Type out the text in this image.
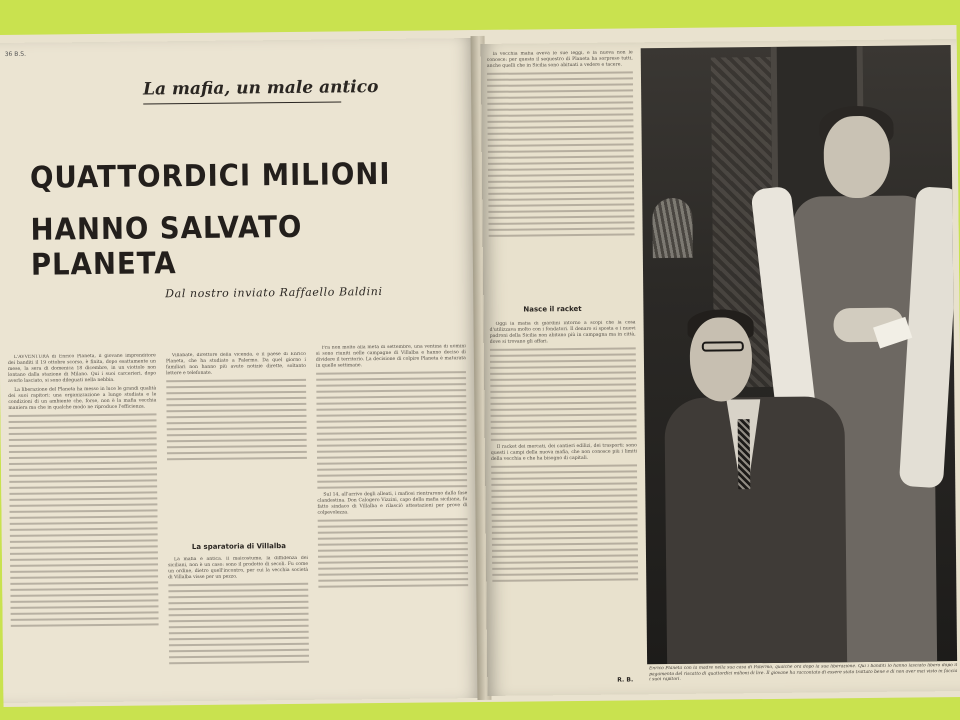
36 B.S.
La mafia, un male antico
QUATTORDICI MILIONI
HANNO SALVATO PLANETA
Dal nostro inviato Raffaello Baldini

L'AVVENTURA di Enrico Planeta, il giovane imprenditore dei banditi il 19 ottobre scorso, è finita, dopo esattamente un mese, la sera di domenica 18 dicembre, in un viottolo non lontano dalla stazione di Milano. Qui i suoi carcerieri, dopo averlo lasciato, si sono dileguati nella nebbia.

La liberazione del Planeta ha messo in luce le grandi qualità dei suoi rapitori: una organizzazione a lungo studiata e le condizioni di un ambiente che, forse, non è la mafia vecchia maniera ma che in qualche modo ne riproduce l'efficienza.

Villabate, direttore della vicenda, è il paese di Enrico Planeta, che ha studiato a Palermo. Da quel giorno i familiari non hanno più avuto notizie dirette, soltanto lettere e telefonate.

La sparatoria di Villalba

La mafia è antica. Il malcostume, la diffidenza dei siciliani, non è un caso: sono il prodotto di secoli. Fu come un ordine, dietro quell'incontro, per cui la vecchia società di Villalba visse per un pezzo.

Fra non molto alla metà di settembre, una ventina di uomini si sono riuniti nelle campagne di Villalba e hanno deciso di dividere il territorio. La decisione di colpire Planeta è maturata in quelle settimane.

Sul 14, all'arrivo degli alleati, i mafiosi rientrarono dalla fase clandestina. Don Calogero Vizzini, capo della mafia siciliana, fu fatto sindaco di Villalba e rilasciò attestazioni per prove di colpevolezza.

la vecchia mafia aveva le sue leggi, e la nuova non le conosce: per questo il sequestro di Planeta ha sorpreso tutti, anche quelli che in Sicilia sono abituati a vedere e tacere.

Nasce il racket

Oggi la mafia di giardini intorno a scopi che la cosa d'utilizzava molto con i fondatori. Il denaro si sposta e i nuovi padroni della Sicilia non abitano più in campagna ma in città, dove si trovano gli affari.

Il racket dei mercati, dei cantieri edilizi, dei trasporti: sono questi i campi della nuova mafia, che non conosce più i limiti della vecchia e che ha bisogno di capitali.

R. B.
Enrico Planeta con la madre nella sua casa di Palermo, qualche ora dopo la sua liberazione. Qui i banditi lo hanno lasciato libero dopo il pagamento del riscatto di quattordici milioni di lire. Il giovane ha raccontato di essere stato trattato bene e di non aver mai visto in faccia i suoi rapitori.
